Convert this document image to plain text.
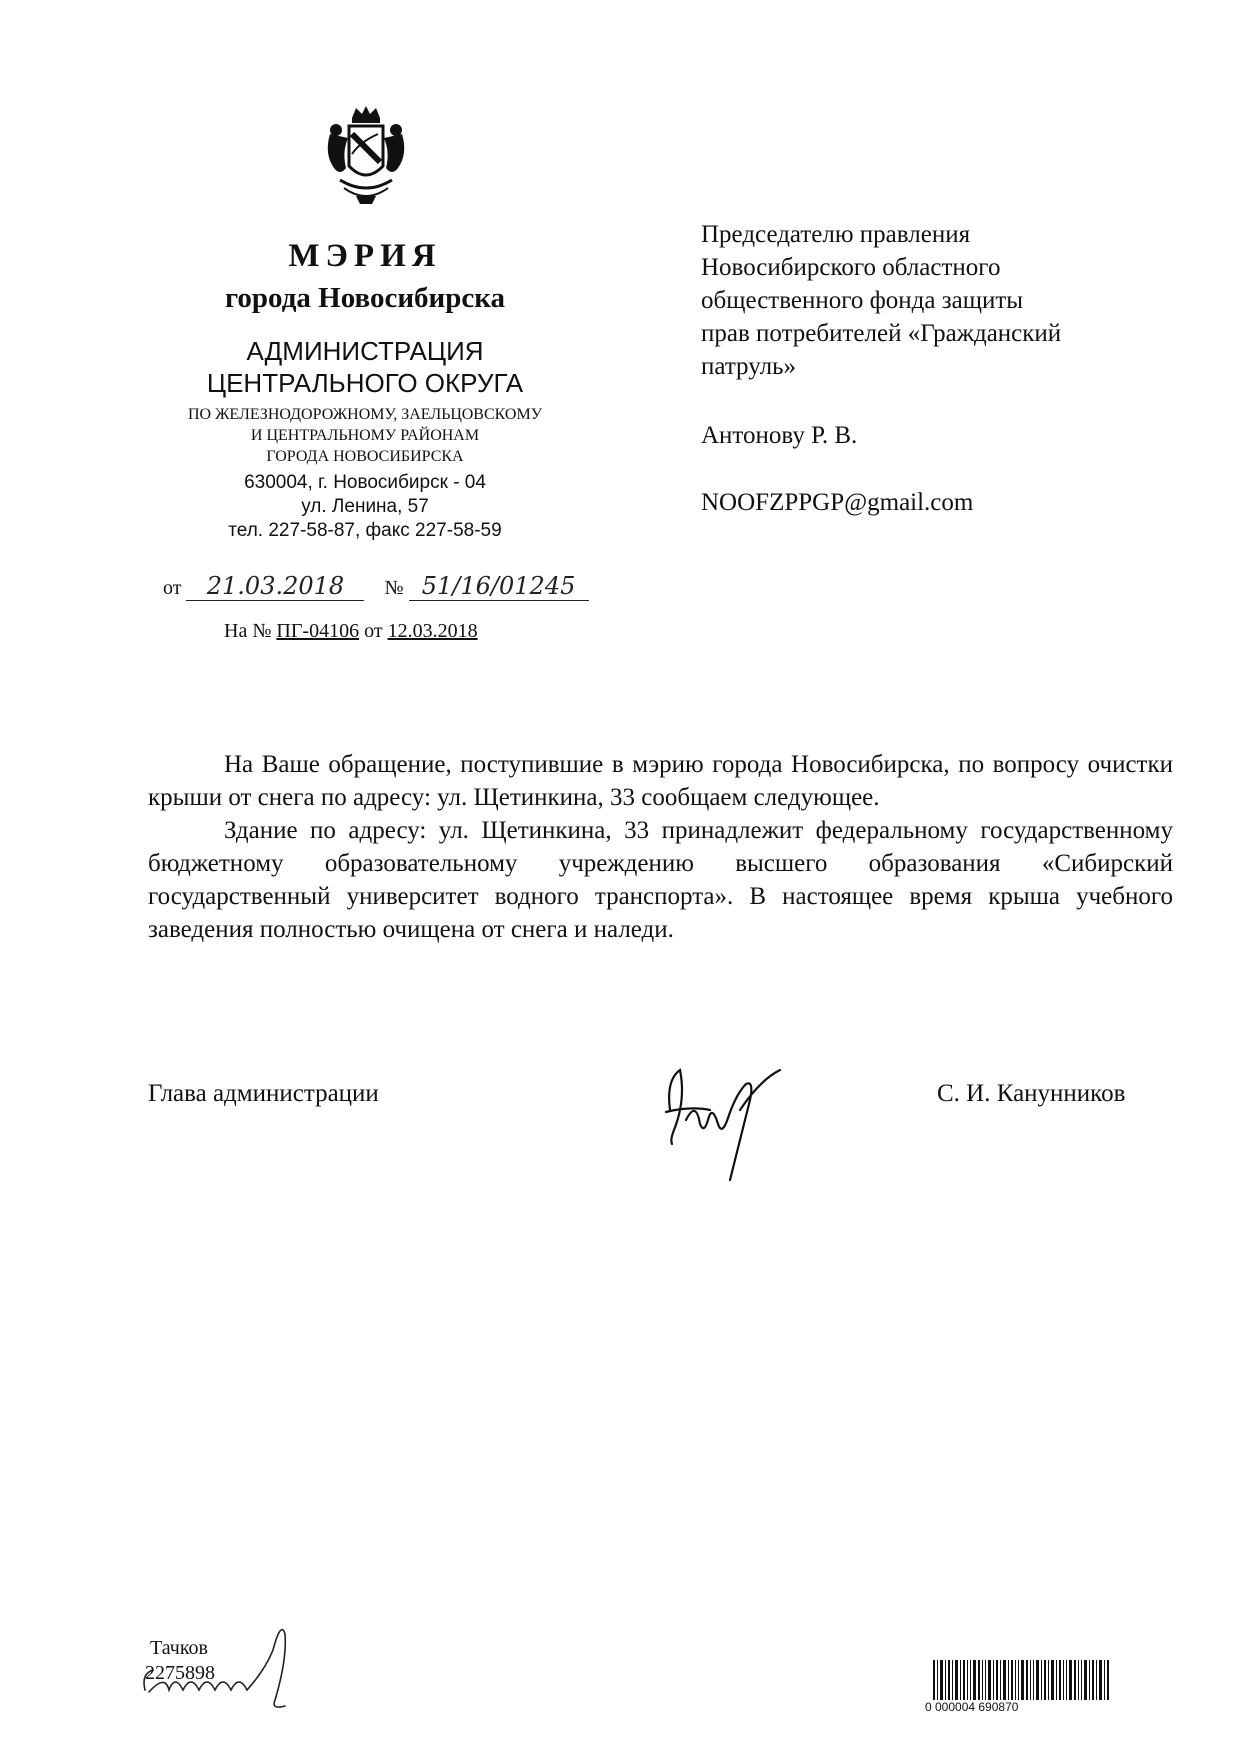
МЭРИЯ
города Новосибирска
АДМИНИСТРАЦИЯ
ЦЕНТРАЛЬНОГО ОКРУГА
ПО ЖЕЛЕЗНОДОРОЖНОМУ, ЗАЕЛЬЦОВСКОМУ
И ЦЕНТРАЛЬНОМУ РАЙОНАМ
ГОРОДА НОВОСИБИРСКА
630004, г. Новосибирск - 04
ул. Ленина, 57
тел. 227-58-87, факс 227-58-59
от 21.03.2018 № 51/16/01245
На № ПГ-04106 от 12.03.2018
Председателю правления
Новосибирского областного
общественного фонда защиты
прав потребителей «Гражданский
патруль»
Антонову Р. В.
NOOFZPPGP@gmail.com

На Ваше обращение, поступившие в мэрию города Новосибирска, по вопросу очистки крыши от снега по адресу: ул. Щетинкина, 33 сообщаем следующее.

Здание по адресу: ул. Щетинкина, 33 принадлежит федеральному государственному бюджетному образовательному учреждению высшего образования «Сибирский государственный университет водного транспорта». В настоящее время крыша учебного заведения полностью очищена от снега и наледи.

Глава администрации	С. И. Канунников
Тачков
2275898
0 000004 690870
